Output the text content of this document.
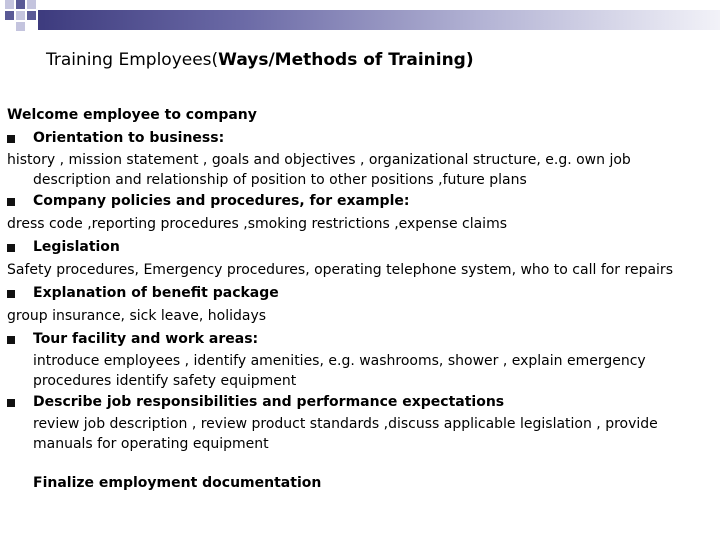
Training Employees(Ways/Methods of Training)
Welcome employee to company
Orientation to business:
history , mission statement , goals and objectives , organizational structure, e.g. own job
description and relationship of position to other positions ,future plans
Company policies and procedures, for example:
dress code ,reporting procedures ,smoking restrictions ,expense claims
Legislation
Safety procedures, Emergency procedures, operating telephone system, who to call for repairs
Explanation of benefit package
group insurance, sick leave, holidays
Tour facility and work areas:
introduce employees , identify amenities, e.g. washrooms, shower , explain emergency
procedures identify safety equipment
Describe job responsibilities and performance expectations
review job description , review product standards ,discuss applicable legislation , provide
manuals for operating equipment
Finalize employment documentation
